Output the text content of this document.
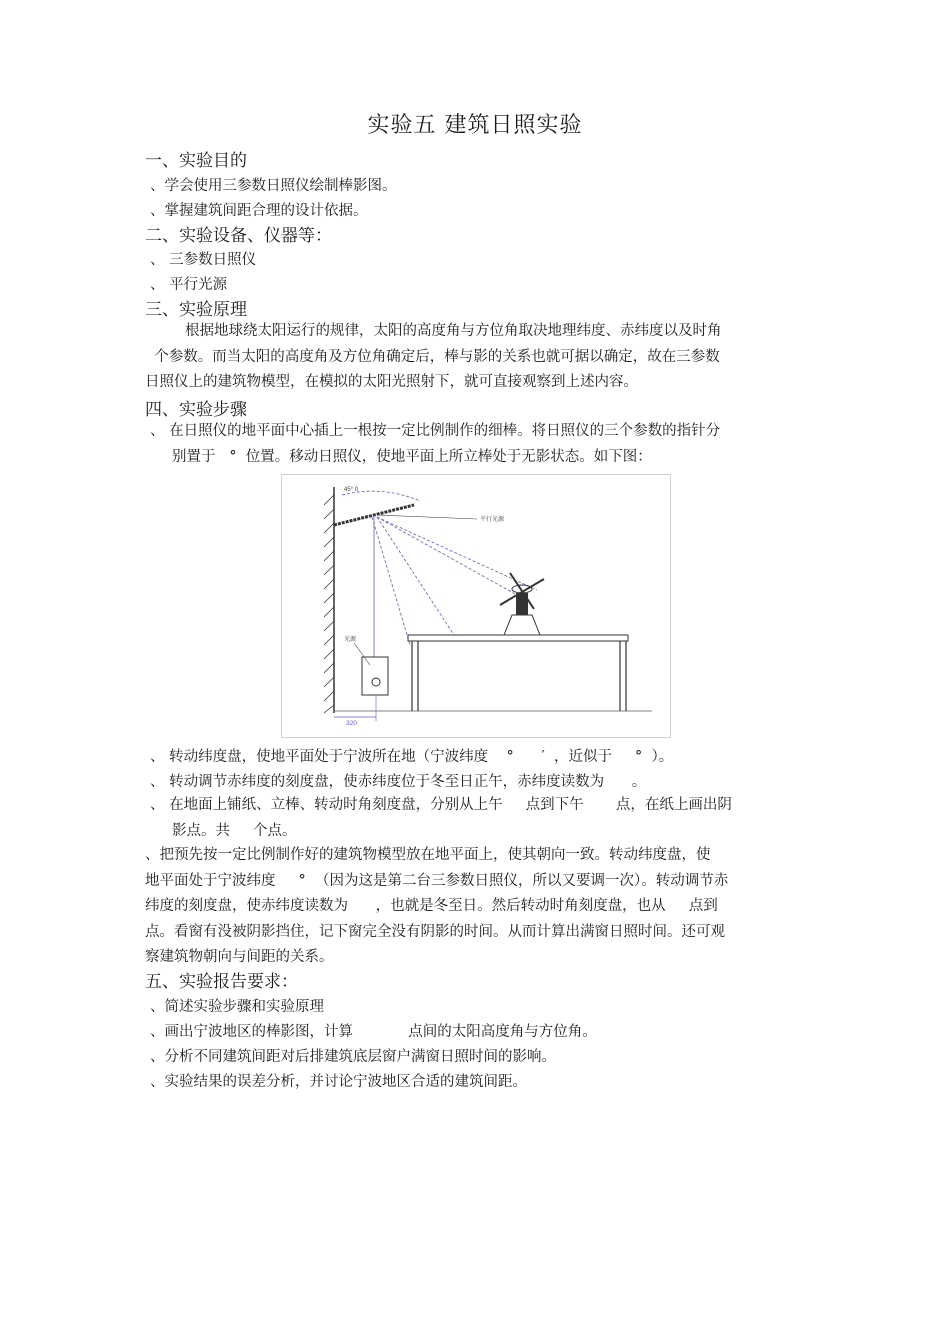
实验五 建筑日照实验
一、实验目的
、学会使用三参数日照仪绘制棒影图。
、掌握建筑间距合理的设计依据。
二、实验设备、仪器等：
、 三参数日照仪
、 平行光源
三、实验原理
根据地球绕太阳运行的规律，太阳的高度角与方位角取决地理纬度、赤纬度以及时角
个参数。而当太阳的高度角及方位角确定后，棒与影的关系也就可据以确定，故在三参数
日照仪上的建筑物模型，在模拟的太阳光照射下，就可直接观察到上述内容。
四、实验步骤
、 在日照仪的地平面中心插上一根按一定比例制作的细棒。将日照仪的三个参数的指针分
别置于   °  位置。移动日照仪，使地平面上所立棒处于无影状态。如下图：
45° 0
平行光源
光源
320
、 转动纬度盘，使地平面处于宁波所在地（宁波纬度    °      ′  ，近似于     °  ）。
、 转动调节赤纬度的刻度盘，使赤纬度位于冬至日正午，赤纬度读数为      。
、 在地面上铺纸、立棒、转动时角刻度盘，分别从上午     点到下午       点，在纸上画出阴
影点。共     个点。
、把预先按一定比例制作好的建筑物模型放在地平面上，使其朝向一致。转动纬度盘，使
地平面处于宁波纬度     °  （因为这是第二台三参数日照仪，所以又要调一次）。转动调节赤
纬度的刻度盘，使赤纬度读数为      ，也就是冬至日。然后转动时角刻度盘，也从     点到
点。看窗有没被阴影挡住，记下窗完全没有阴影的时间。从而计算出满窗日照时间。还可观
察建筑物朝向与间距的关系。
五、实验报告要求：
、简述实验步骤和实验原理
、画出宁波地区的棒影图，计算            点间的太阳高度角与方位角。
、分析不同建筑间距对后排建筑底层窗户满窗日照时间的影响。
、实验结果的误差分析，并讨论宁波地区合适的建筑间距。
